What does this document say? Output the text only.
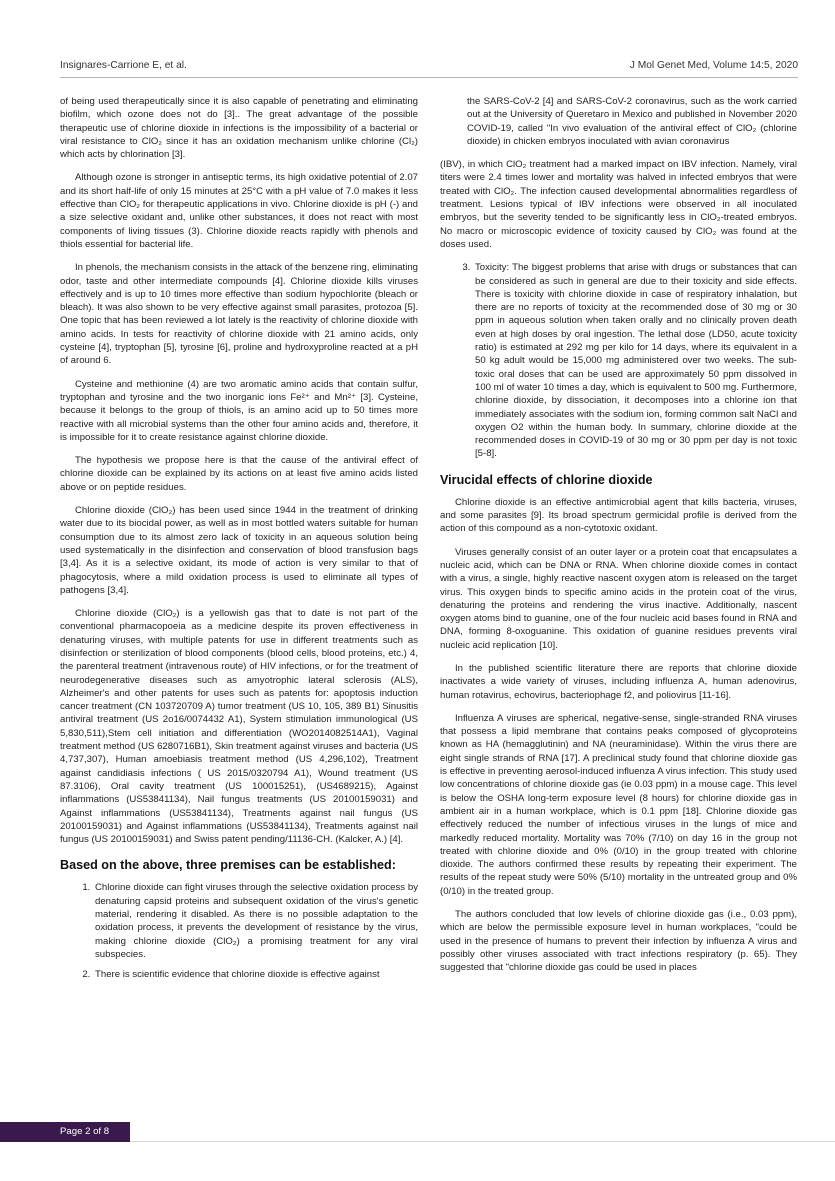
Insignares-Carrione E, et al.	J Mol Genet Med, Volume 14:5, 2020

of being used therapeutically since it is also capable of penetrating and eliminating biofilm, which ozone does not do [3].. The great advantage of the possible therapeutic use of chlorine dioxide in infections is the impossibility of a bacterial or viral resistance to ClO₂ since it has an oxidation mechanism unlike chlorine (Cl₂) which acts by chlorination [3].

Although ozone is stronger in antiseptic terms, its high oxidative potential of 2.07 and its short half-life of only 15 minutes at 25°C with a pH value of 7.0 makes it less effective than ClO₂ for therapeutic applications in vivo. Chlorine dioxide is pH (-) and a size selective oxidant and, unlike other substances, it does not react with most components of living tissues (3). Chlorine dioxide reacts rapidly with phenols and thiols essential for bacterial life.

In phenols, the mechanism consists in the attack of the benzene ring, eliminating odor, taste and other intermediate compounds [4]. Chlorine dioxide kills viruses effectively and is up to 10 times more effective than sodium hypochlorite (bleach or bleach). It was also shown to be very effective against small parasites, protozoa [5]. One topic that has been reviewed a lot lately is the reactivity of chlorine dioxide with amino acids. In tests for reactivity of chlorine dioxide with 21 amino acids, only cysteine [4], tryptophan [5], tyrosine [6], proline and hydroxyproline reacted at a pH of around 6.

Cysteine and methionine (4) are two aromatic amino acids that contain sulfur, tryptophan and tyrosine and the two inorganic ions Fe²⁺ and Mn²⁺ [3]. Cysteine, because it belongs to the group of thiols, is an amino acid up to 50 times more reactive with all microbial systems than the other four amino acids and, therefore, it is impossible for it to create resistance against chlorine dioxide.

The hypothesis we propose here is that the cause of the antiviral effect of chlorine dioxide can be explained by its actions on at least five amino acids listed above or on peptide residues.

Chlorine dioxide (ClO₂) has been used since 1944 in the treatment of drinking water due to its biocidal power, as well as in most bottled waters suitable for human consumption due to its almost zero lack of toxicity in an aqueous solution being used systematically in the disinfection and conservation of blood transfusion bags [3,4]. As it is a selective oxidant, its mode of action is very similar to that of phagocytosis, where a mild oxidation process is used to eliminate all types of pathogens [3,4].

Chlorine dioxide (ClO₂) is a yellowish gas that to date is not part of the conventional pharmacopoeia as a medicine despite its proven effectiveness in denaturing viruses, with multiple patents for use in different treatments such as disinfection or sterilization of blood components (blood cells, blood proteins, etc.) 4, the parenteral treatment (intravenous route) of HIV infections, or for the treatment of neurodegenerative diseases such as amyotrophic lateral sclerosis (ALS), Alzheimer's and other patents for uses such as patents for: apoptosis induction cancer treatment (CN 103720709 A) tumor treatment (US 10, 105, 389 B1) Sinusitis antiviral treatment (US 2o16/0074432 A1), System stimulation immunological (US 5,830,511),Stem cell initiation and differentiation (WO2014082514A1), Vaginal treatment method (US 6280716B1), Skin treatment against viruses and bacteria (US 4,737,307), Human amoebiasis treatment method (US 4,296,102), Treatment against candidiasis infections ( US 2015/0320794 A1), Wound treatment (US 87.3106), Oral cavity treatment (US 100015251), (US4689215), Against inflammations (US53841134), Nail fungus treatments (US 20100159031) and Against inflammations (US53841134), Treatments against nail fungus (US 20100159031) and Against inflammations (US53841134), Treatments against nail fungus (US 20100159031) and Swiss patent pending/11136-CH. (Kalcker, A.) [4].

Based on the above, three premises can be established:
1. Chlorine dioxide can fight viruses through the selective oxidation process by denaturing capsid proteins and subsequent oxidation of the virus's genetic material, rendering it disabled. As there is no possible adaptation to the oxidation process, it prevents the development of resistance by the virus, making chlorine dioxide (ClO₂) a promising treatment for any viral subspecies.
2. There is scientific evidence that chlorine dioxide is effective against

the SARS-CoV-2 [4] and SARS-CoV-2 coronavirus, such as the work carried out at the University of Queretaro in Mexico and published in November 2020 COVID-19, called "In vivo evaluation of the antiviral effect of ClO₂ (chlorine dioxide) in chicken embryos inoculated with avian coronavirus

(IBV), in which ClO₂ treatment had a marked impact on IBV infection. Namely, viral titers were 2.4 times lower and mortality was halved in infected embryos that were treated with ClO₂. The infection caused developmental abnormalities regardless of treatment. Lesions typical of IBV infections were observed in all inoculated embryos, but the severity tended to be significantly less in ClO₂-treated embryos. No macro or microscopic evidence of toxicity caused by ClO₂ was found at the doses used.

3. Toxicity: The biggest problems that arise with drugs or substances that can be considered as such in general are due to their toxicity and side effects. There is toxicity with chlorine dioxide in case of respiratory inhalation, but there are no reports of toxicity at the recommended dose of 30 mg or 30 ppm in aqueous solution when taken orally and no clinically proven death even at high doses by oral ingestion. The lethal dose (LD50, acute toxicity ratio) is estimated at 292 mg per kilo for 14 days, where its equivalent in a 50 kg adult would be 15,000 mg administered over two weeks. The sub-toxic oral doses that can be used are approximately 50 ppm dissolved in 100 ml of water 10 times a day, which is equivalent to 500 mg. Furthermore, chlorine dioxide, by dissociation, it decomposes into a chlorine ion that immediately associates with the sodium ion, forming common salt NaCl and oxygen O2 within the human body. In summary, chlorine dioxide at the recommended doses in COVID-19 of 30 mg or 30 ppm per day is not toxic [5-8].
Virucidal effects of chlorine dioxide

Chlorine dioxide is an effective antimicrobial agent that kills bacteria, viruses, and some parasites [9]. Its broad spectrum germicidal profile is derived from the action of this compound as a non-cytotoxic oxidant.

Viruses generally consist of an outer layer or a protein coat that encapsulates a nucleic acid, which can be DNA or RNA. When chlorine dioxide comes in contact with a virus, a single, highly reactive nascent oxygen atom is released on the target virus. This oxygen binds to specific amino acids in the protein coat of the virus, denaturing the proteins and rendering the virus inactive. Additionally, nascent oxygen atoms bind to guanine, one of the four nucleic acid bases found in RNA and DNA, forming 8-oxoguanine. This oxidation of guanine residues prevents viral nucleic acid replication [10].

In the published scientific literature there are reports that chlorine dioxide inactivates a wide variety of viruses, including influenza A, human adenovirus, human rotavirus, echovirus, bacteriophage f2, and poliovirus [11-16].

Influenza A viruses are spherical, negative-sense, single-stranded RNA viruses that possess a lipid membrane that contains peaks composed of glycoproteins known as HA (hemagglutinin) and NA (neuraminidase). Within the virus there are eight single strands of RNA [17]. A preclinical study found that chlorine dioxide gas is effective in preventing aerosol-induced influenza A virus infection. This study used low concentrations of chlorine dioxide gas (ie 0.03 ppm) in a mouse cage. This level is below the OSHA long-term exposure level (8 hours) for chlorine dioxide gas in ambient air in a human workplace, which is 0.1 ppm [18]. Chlorine dioxide gas effectively reduced the number of infectious viruses in the lungs of mice and markedly reduced mortality. Mortality was 70% (7/10) on day 16 in the group not treated with chlorine dioxide and 0% (0/10) in the group treated with chlorine dioxide. The authors confirmed these results by repeating their experiment. The results of the repeat study were 50% (5/10) mortality in the untreated group and 0% (0/10) in the treated group.

The authors concluded that low levels of chlorine dioxide gas (i.e., 0.03 ppm), which are below the permissible exposure level in human workplaces, "could be used in the presence of humans to prevent their infection by influenza A virus and possibly other viruses associated with tract infections respiratory (p. 65). They suggested that "chlorine dioxide gas could be used in places

Page 2 of 8
